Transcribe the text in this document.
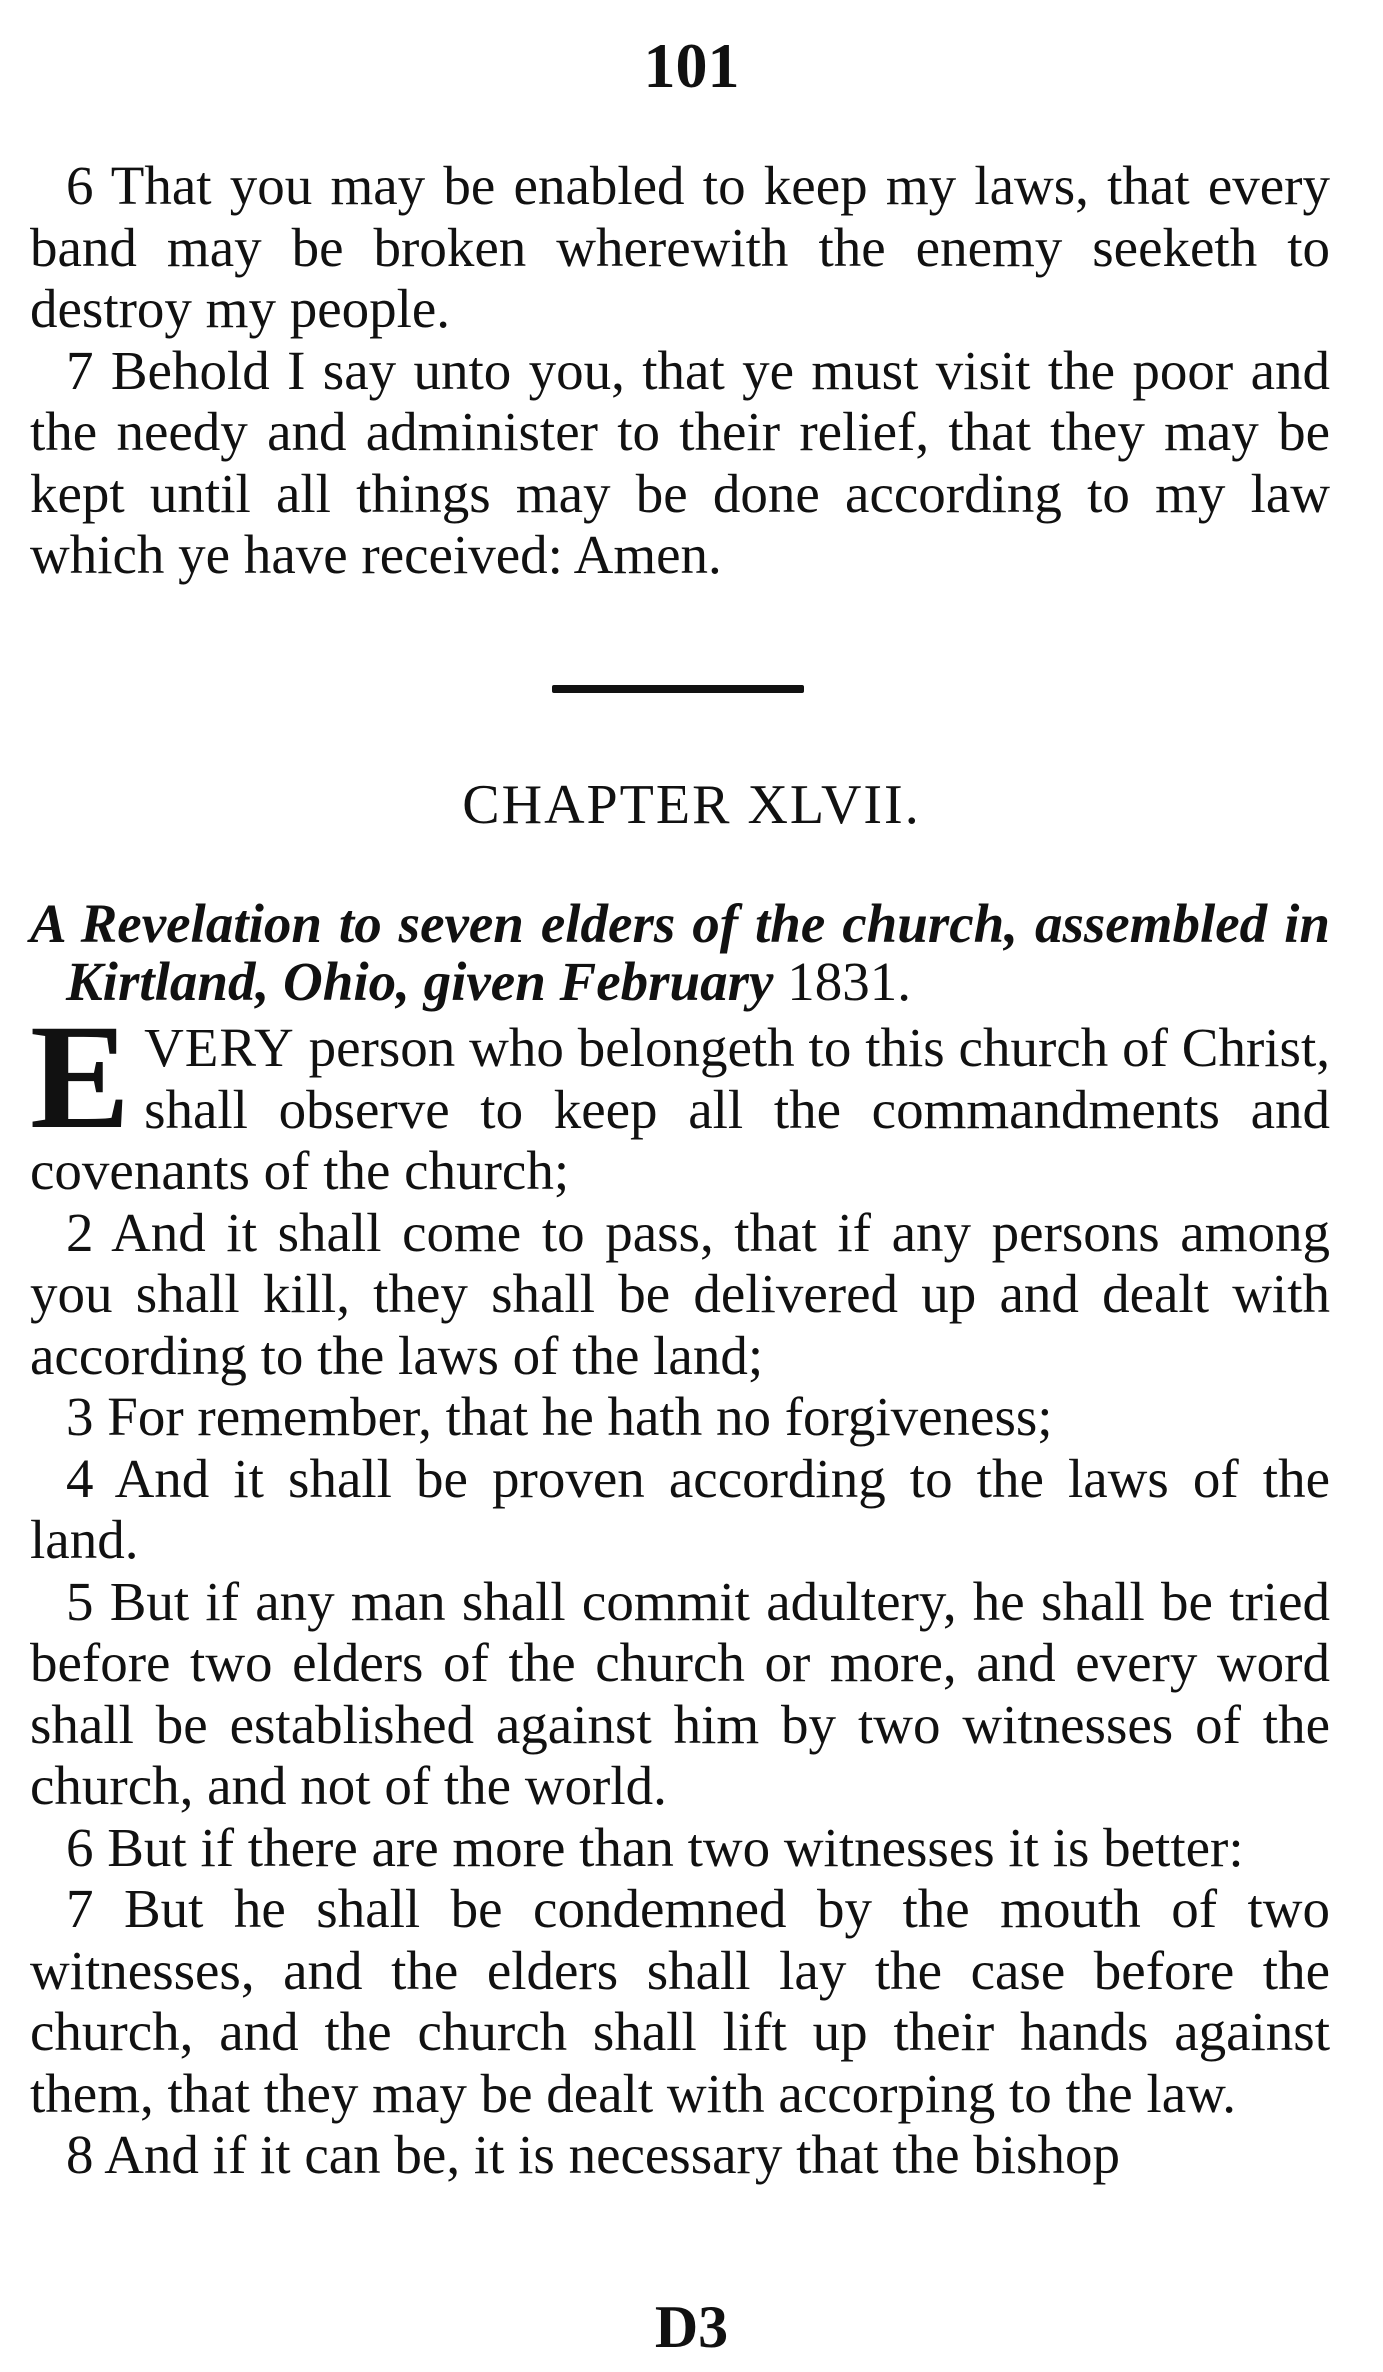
101

6 That you may be enabled to keep my laws, that every band may be broken wherewith the enemy seeketh to destroy my people.

7 Behold I say unto you, that ye must visit the poor and the needy and administer to their relief, that they may be kept until all things may be done according to my law which ye have received: Amen.

CHAPTER XLVII.
A Revelation to seven elders of the church, assembled in Kirtland, Ohio, given February 1831.

EVERY person who belongeth to this church of Christ, shall observe to keep all the commandments and covenants of the church;

2 And it shall come to pass, that if any persons among you shall kill, they shall be delivered up and dealt with according to the laws of the land;

3 For remember, that he hath no forgiveness;

4 And it shall be proven according to the laws of the land.

5 But if any man shall commit adultery, he shall be tried before two elders of the church or more, and every word shall be established against him by two witnesses of the church, and not of the world.

6 But if there are more than two witnesses it is better:

7 But he shall be condemned by the mouth of two witnesses, and the elders shall lay the case before the church, and the church shall lift up their hands against them, that they may be dealt with accorping to the law.

8 And if it can be, it is necessary that the bishop

D3
